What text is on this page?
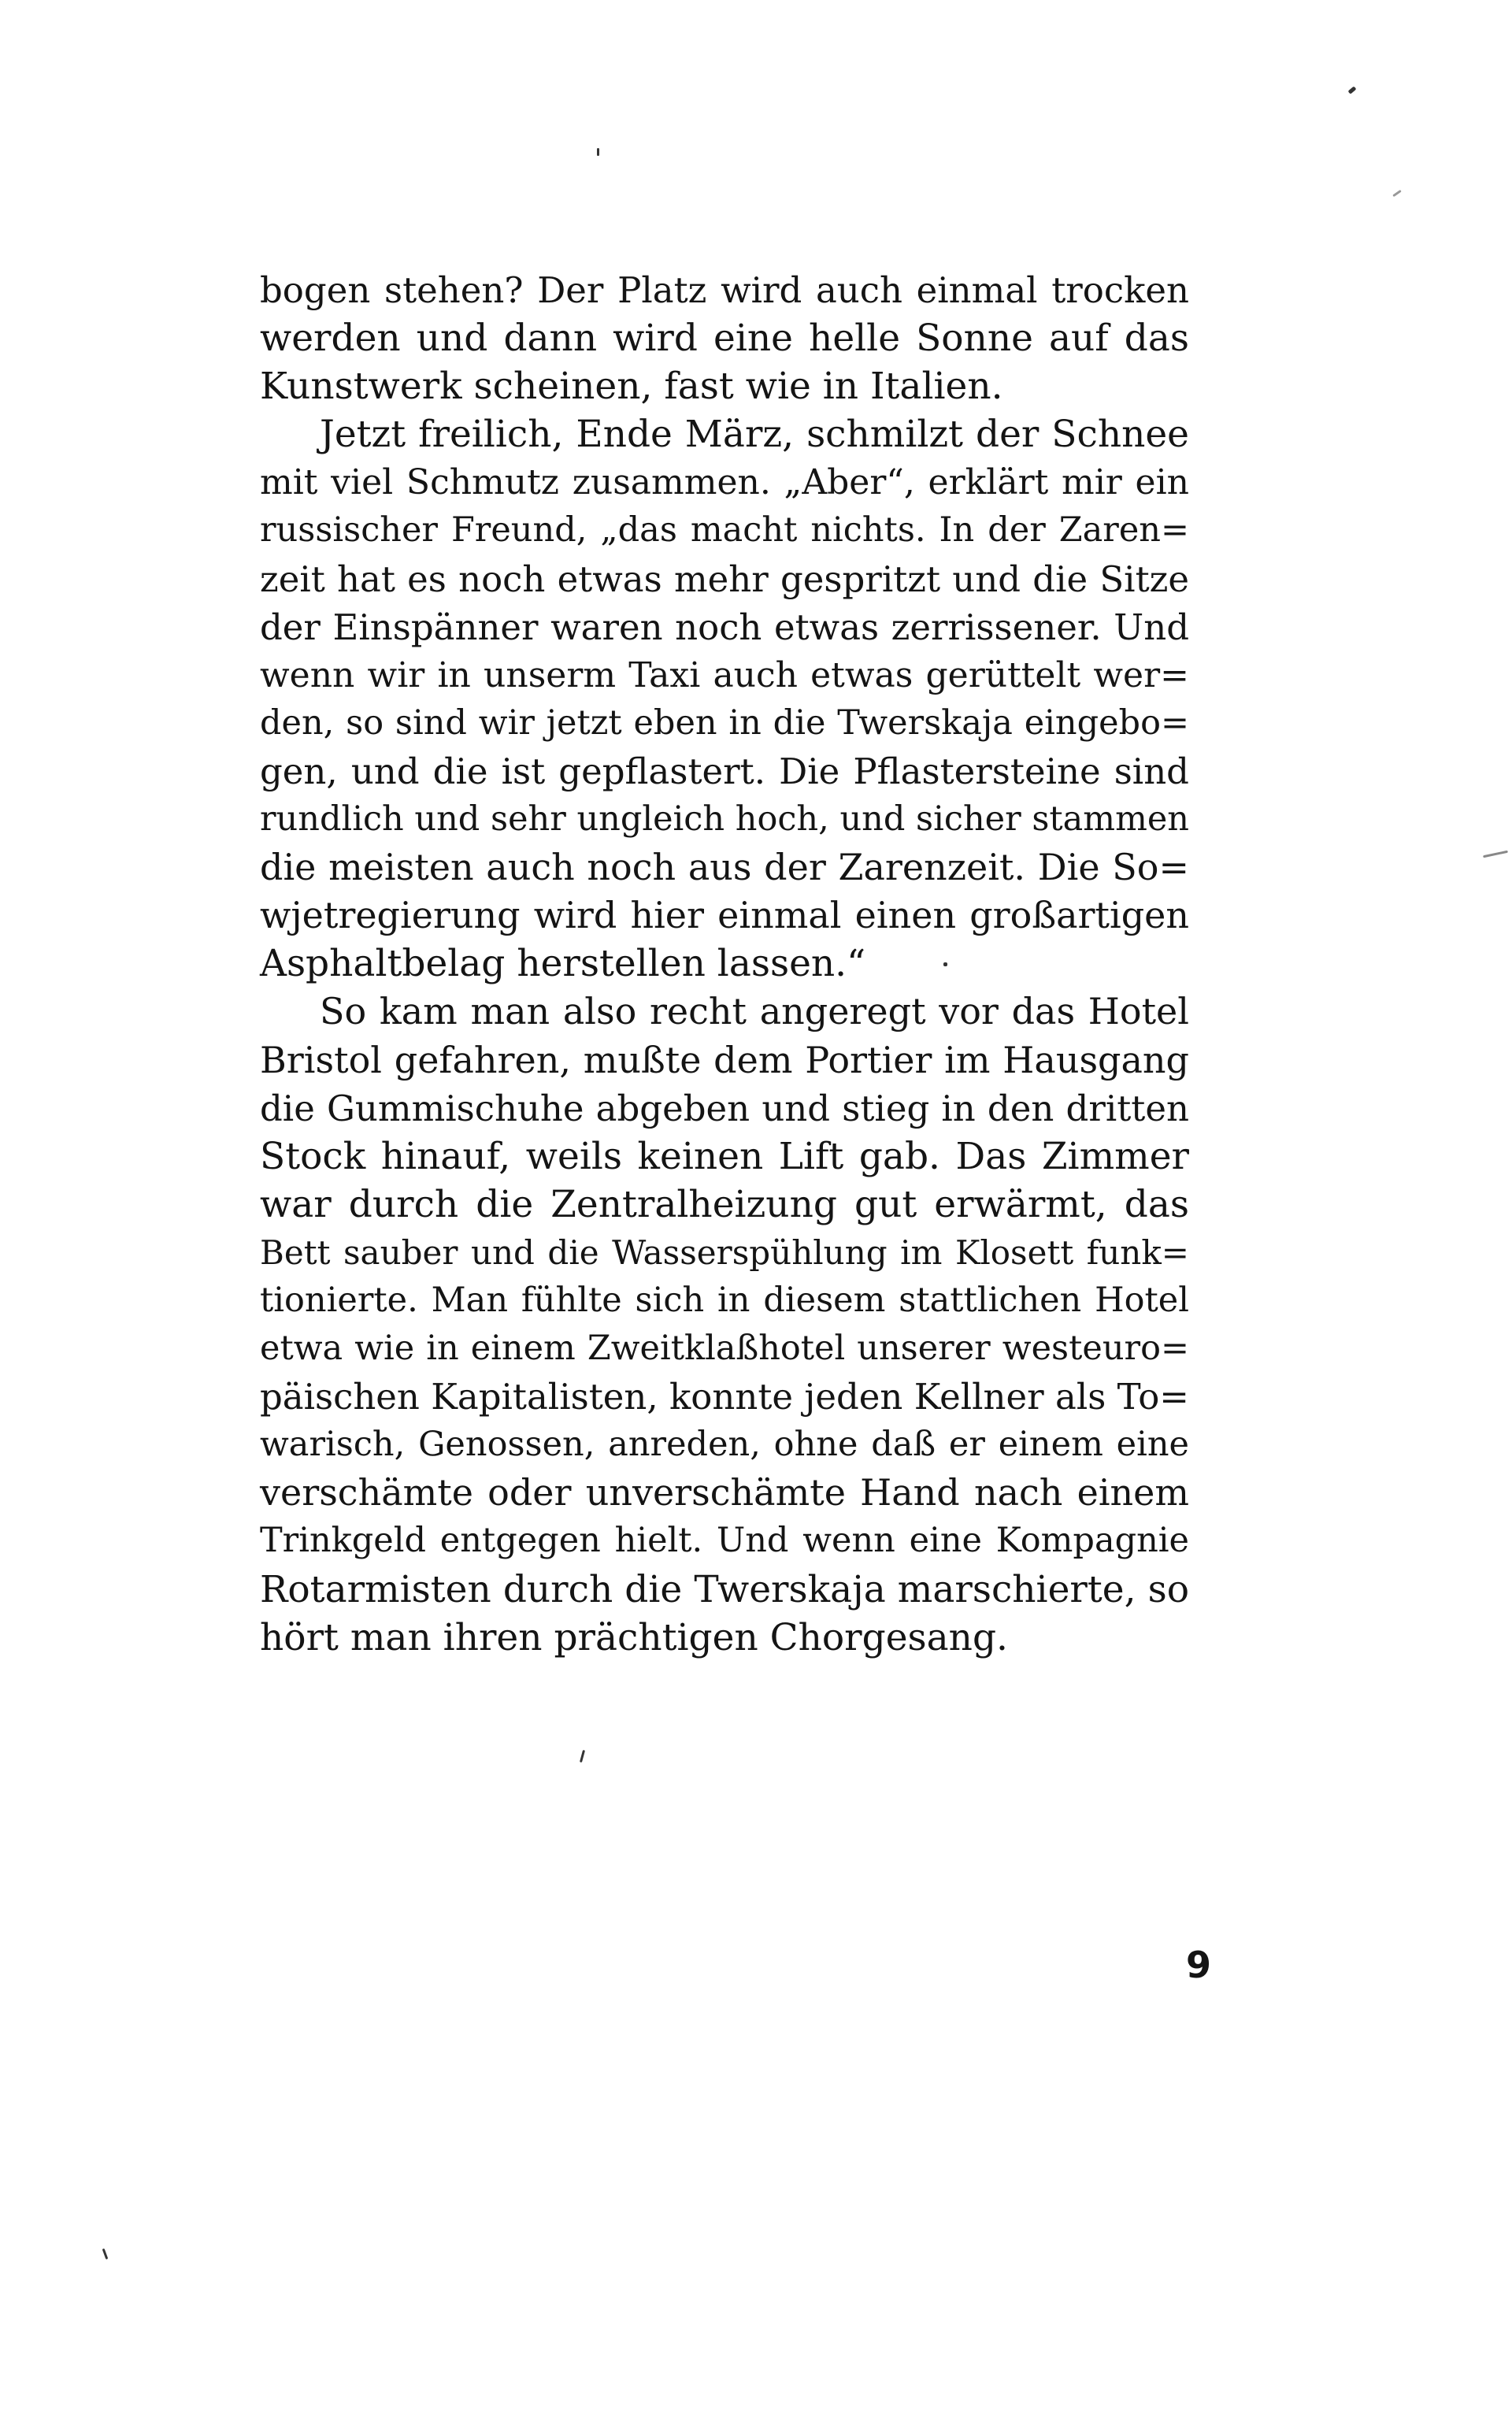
bogen stehen? Der Platz wird auch einmal trocken
werden und dann wird eine helle Sonne auf das
Kunstwerk scheinen, fast wie in Italien.
Jetzt freilich, Ende März, schmilzt der Schnee
mit viel Schmutz zusammen. „Aber“, erklärt mir ein
russischer Freund, „das macht nichts. In der Zaren=
zeit hat es noch etwas mehr gespritzt und die Sitze
der Einspänner waren noch etwas zerrissener. Und
wenn wir in unserm Taxi auch etwas gerüttelt wer=
den, so sind wir jetzt eben in die Twerskaja eingebo=
gen, und die ist gepflastert. Die Pflastersteine sind
rundlich und sehr ungleich hoch, und sicher stammen
die meisten auch noch aus der Zarenzeit. Die So=
wjetregierung wird hier einmal einen großartigen
Asphaltbelag herstellen lassen.“
So kam man also recht angeregt vor das Hotel
Bristol gefahren, mußte dem Portier im Hausgang
die Gummischuhe abgeben und stieg in den dritten
Stock hinauf, weils keinen Lift gab. Das Zimmer
war durch die Zentralheizung gut erwärmt, das
Bett sauber und die Wasserspühlung im Klosett funk=
tionierte. Man fühlte sich in diesem stattlichen Hotel
etwa wie in einem Zweitklaßhotel unserer westeuro=
päischen Kapitalisten, konnte jeden Kellner als To=
warisch, Genossen, anreden, ohne daß er einem eine
verschämte oder unverschämte Hand nach einem
Trinkgeld entgegen hielt. Und wenn eine Kompagnie
Rotarmisten durch die Twerskaja marschierte, so
hört man ihren prächtigen Chorgesang.
9
